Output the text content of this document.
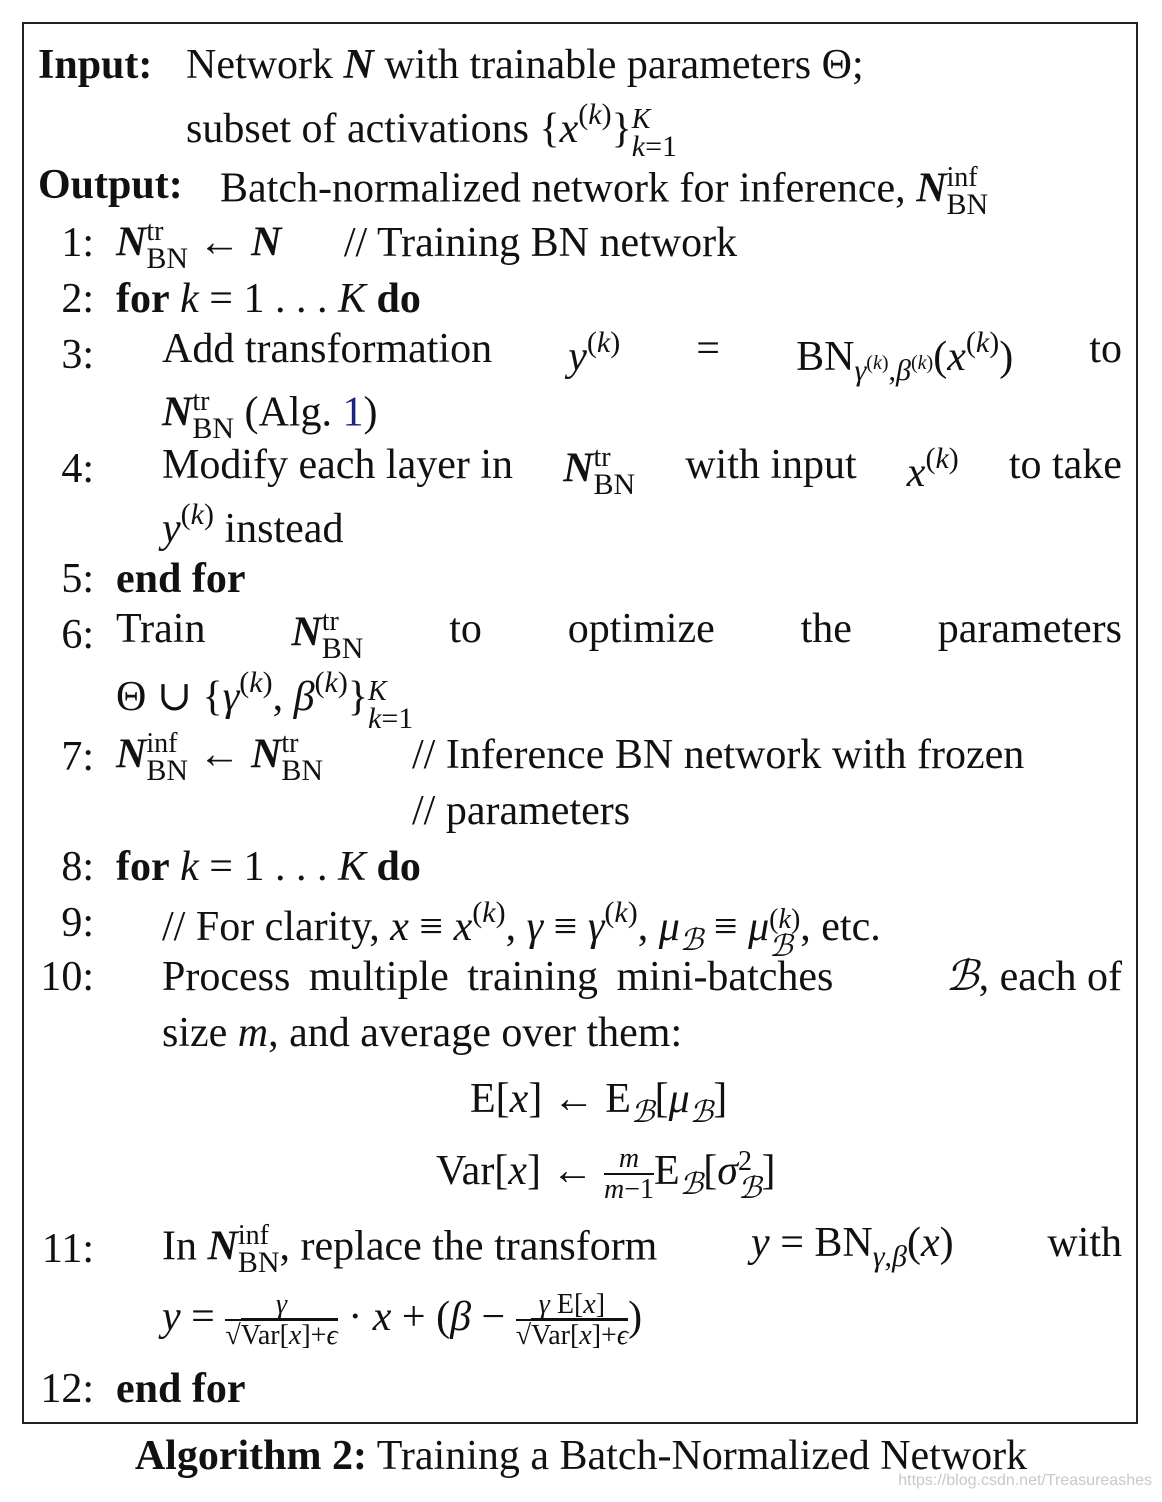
Input: Network N with trainable parameters Θ;
subset of activations $\{x^{(k)}\}$ K
k=1
Output: Batch-normalized network for inference, N inf
BN
1: N tr
BN ← N // Training BN network
2: for k = 1 . . . K do
3: Add transformation $y^{(k)} = BN_{\gamma^{(k)},\beta^{(k)}}(x^{(k)})$ to
N tr
BN (Alg. 1)
4: Modify each layer in N tr
BN with input $x^{(k)}$ to take
$y^{(k)}$ instead
5: end for
6: Train N tr
BN to optimize the parameters
Θ ∪ {$\gamma^{(k)}$, $\beta^{(k)}$} K
k=1
7: N inf
BN ← N tr
BN // Inference BN network with frozen
// parameters
8: for k = 1 . . . K do
9: // For clarity, $x \equiv x^{(k)}$, $\gamma \equiv \gamma^{(k)}$, $\mu_ℬ \equiv \mu$ (k)
ℬ , etc.
10: Process multiple training mini-batches	ℬ, each of
size m, and average over them:
E[x] ← $E_ℬ[\mu_ℬ]$
Var[x] ← $\frac{m}{m-1} E_ℬ[\sigma$ 2
ℬ ]
11: In N inf
BN , replace the transform $y = BN_{\gamma,\beta}(x)$ with
$y = \frac{\gamma}{\text{√Var[x]+ϵ}} \cdot x + (\beta - \frac{\text{γ E[x]}}{\text{√Var[x]+ϵ}}$ )
12: end for
Algorithm 2: Training a Batch-Normalized Network
https://blog.csdn.net/Treasureashes
